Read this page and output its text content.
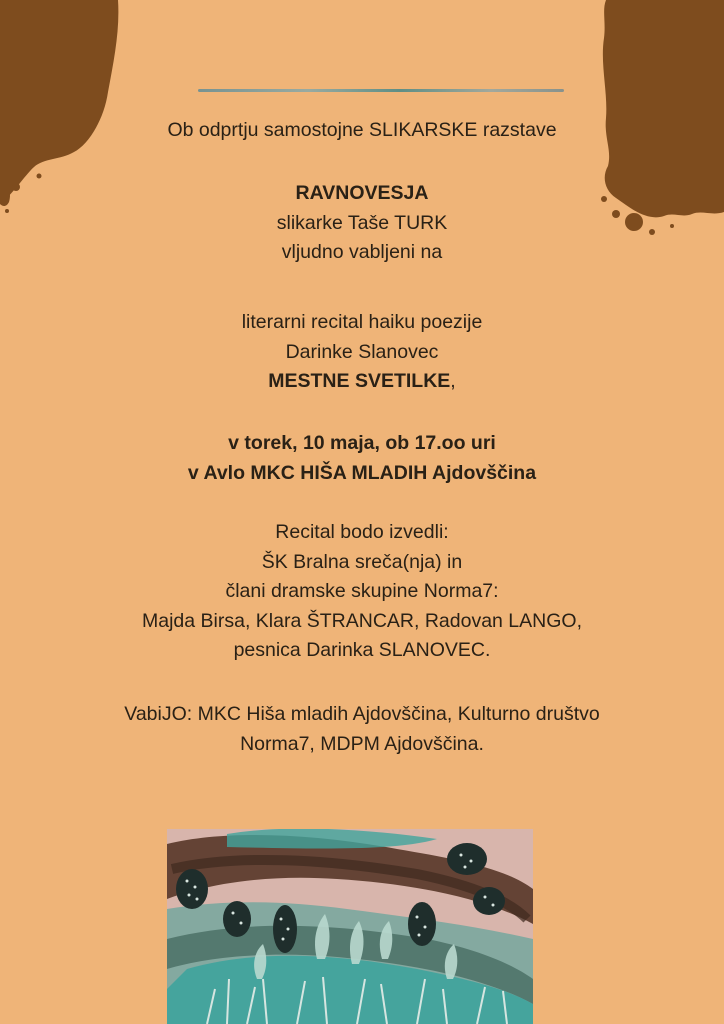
Ob odprtju samostojne SLIKARSKE razstave
RAVNOVESJA
slikarke Taše TURK
vljudno vabljeni na
literarni recital haiku poezije
Darinke Slanovec
MESTNE SVETILKE,
v torek, 10 maja, ob 17.oo uri
v Avlo MKC HIŠA MLADIH Ajdovščina
Recital bodo izvedli:
ŠK Bralna sreča(nja) in
člani dramske skupine Norma7:
Majda Birsa, Klara ŠTRANCAR, Radovan LANGO,
pesnica Darinka SLANOVEC.
VabiJO: MKC Hiša mladih Ajdovščina, Kulturno društvo
Norma7, MDPM Ajdovščina.
